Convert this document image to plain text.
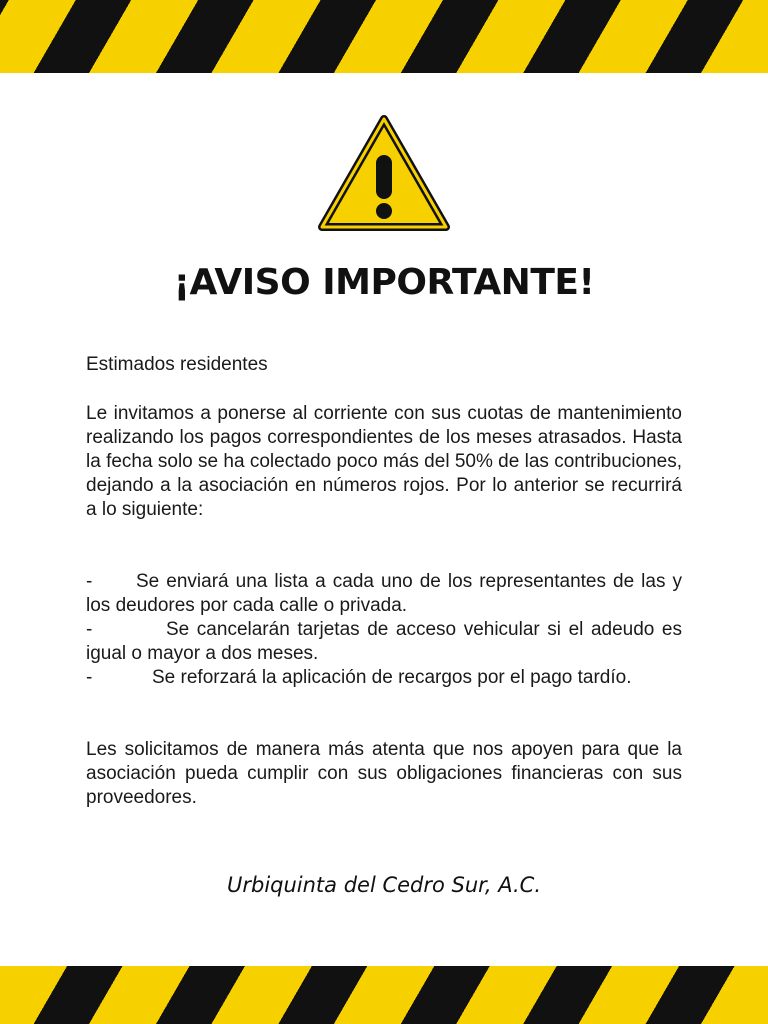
¡AVISO IMPORTANTE!

Estimados residentes

Le invitamos a ponerse al corriente con sus cuotas de mantenimiento realizando los pagos correspondientes de los meses atrasados. Hasta la fecha solo se ha colectado poco más del 50% de las contribuciones, dejando a la asociación en números rojos. Por lo anterior se recurrirá a lo siguiente:

- Se enviará una lista a cada uno de los representantes de las y los deudores por cada calle o privada.
-	Se cancelarán tarjetas de acceso vehicular si el adeudo es igual o mayor a dos meses.
-	Se reforzará la aplicación de recargos por el pago tardío.

Les solicitamos de manera más atenta que nos apoyen para que la asociación pueda cumplir con sus obligaciones financieras con sus proveedores.

Urbiquinta del Cedro Sur, A.C.
